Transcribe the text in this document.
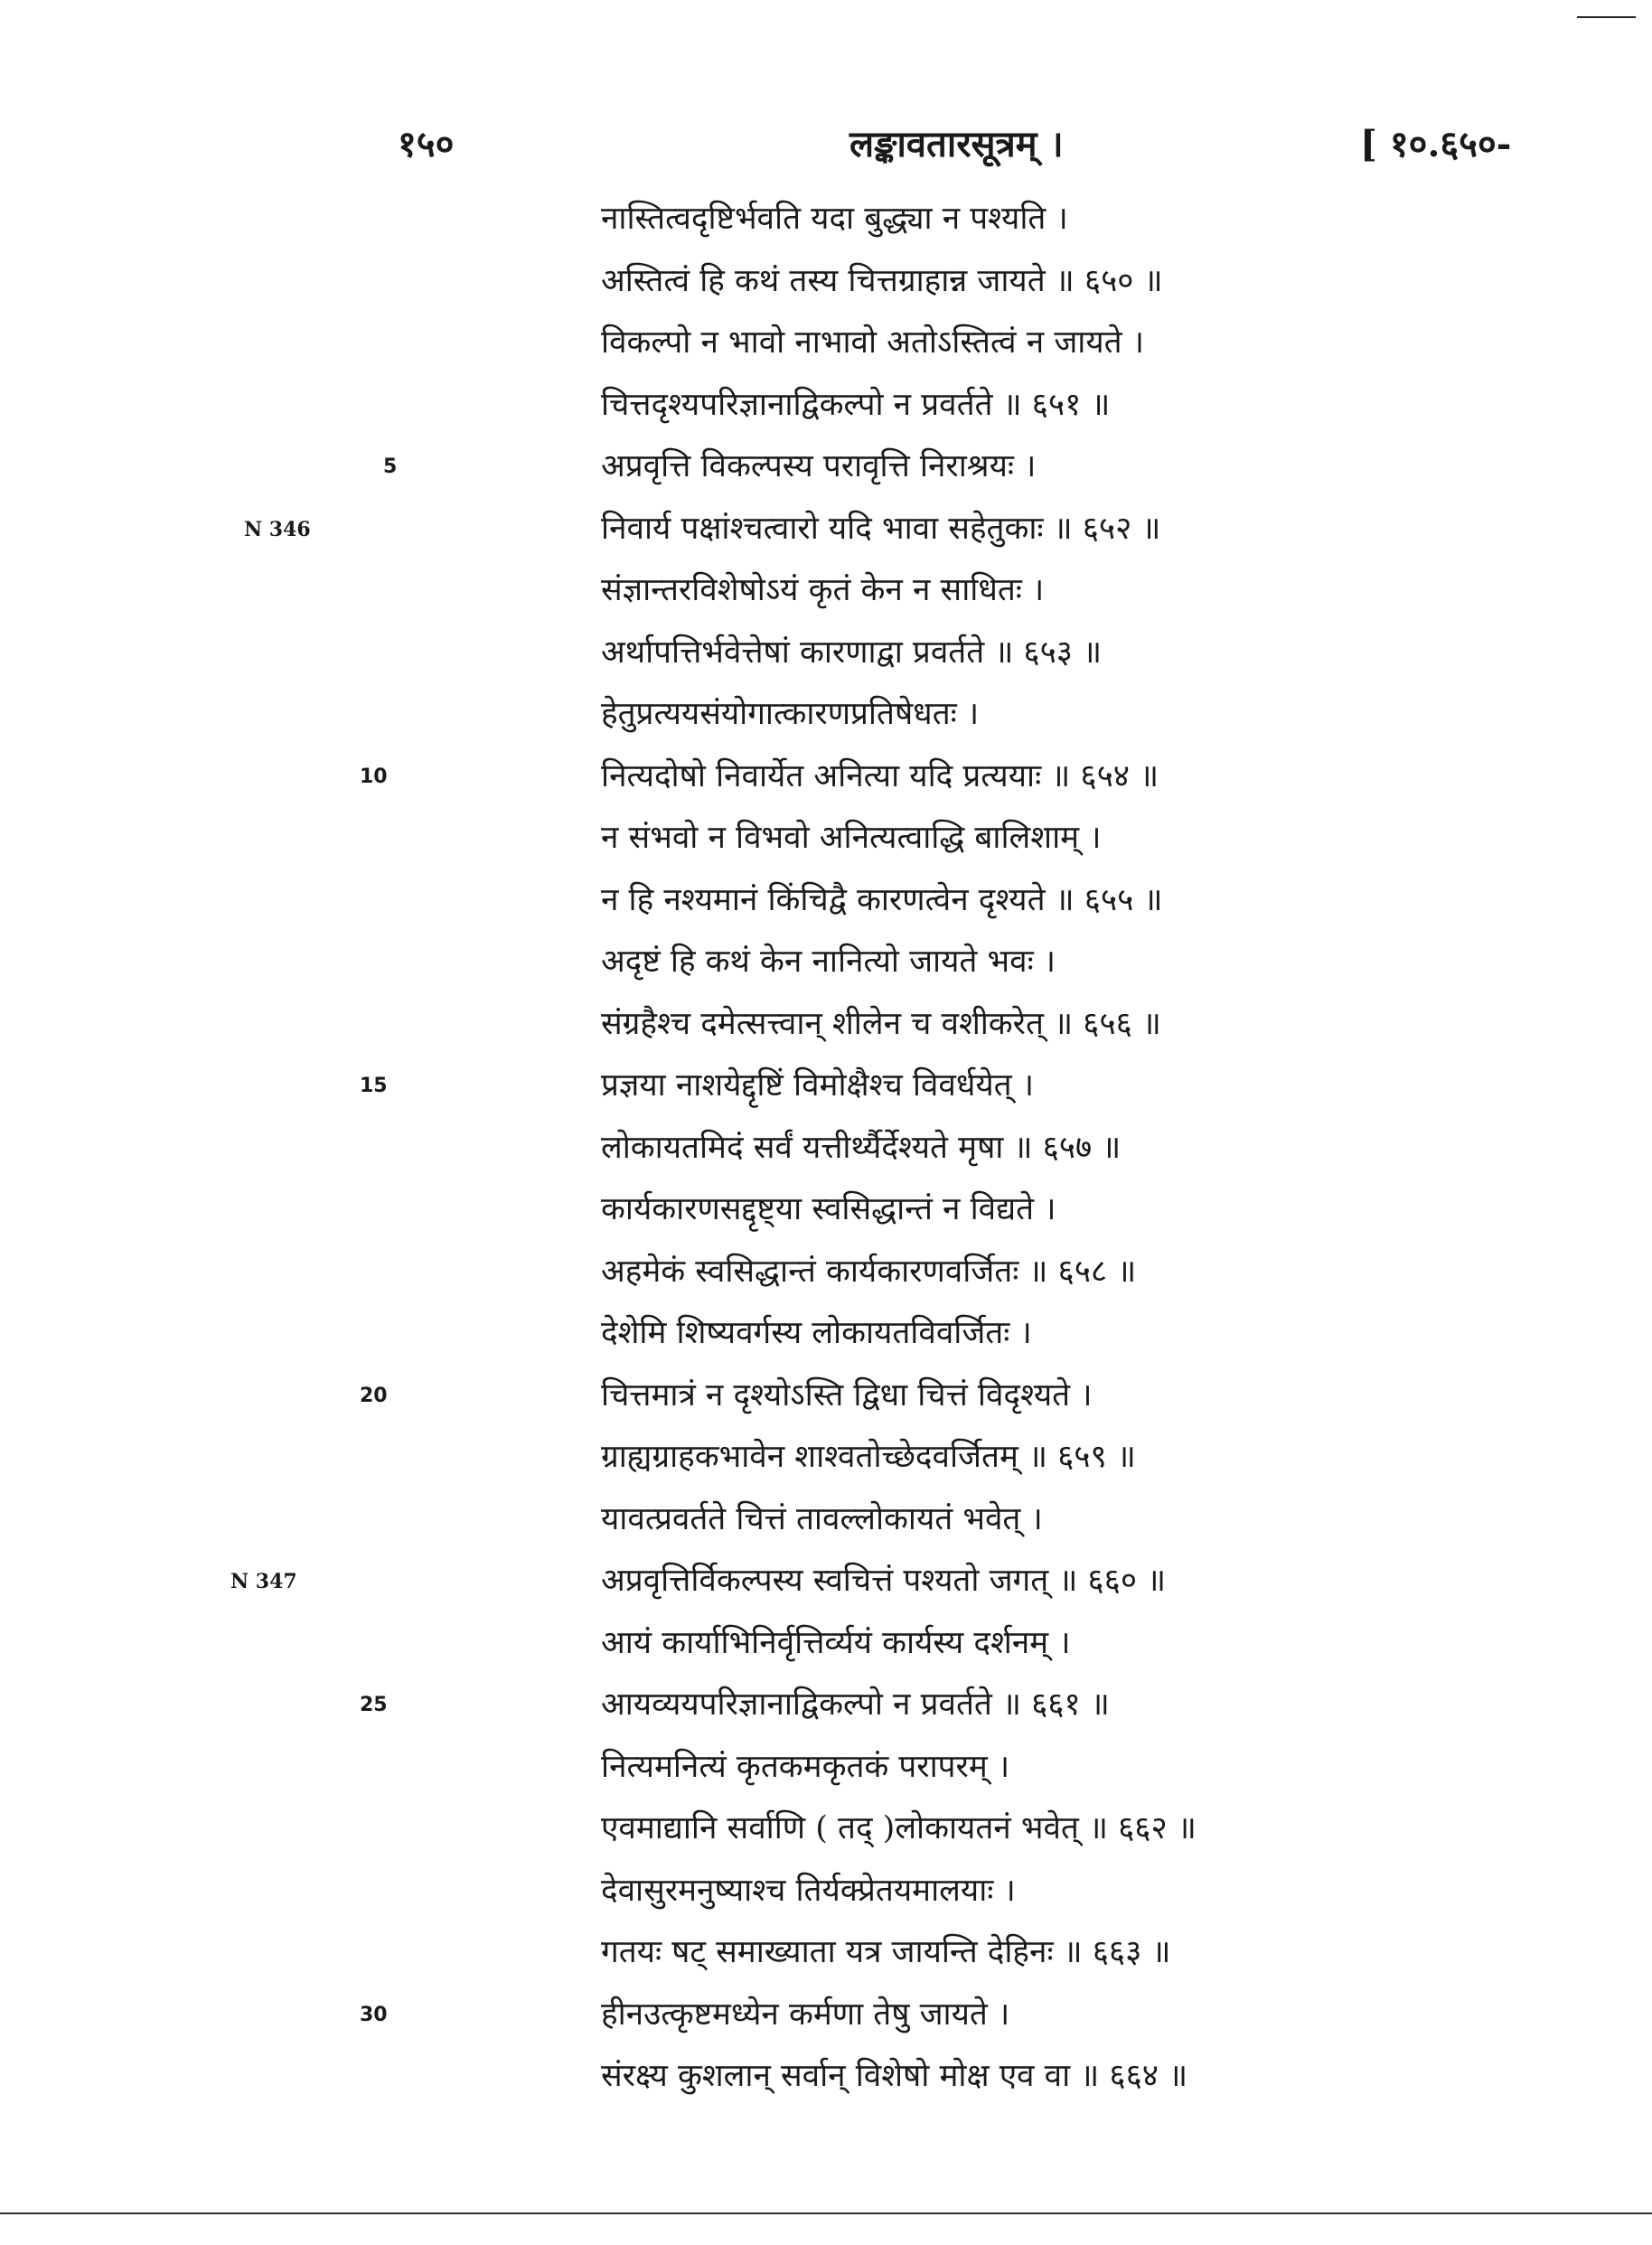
१५०	लङ्कावतारसूत्रम् ।	[ १०.६५०-
5
10
15
20
25
30
N 346
N 347
नास्तित्वदृष्टिर्भवति यदा बुद्ध्या न पश्यति ।
अस्तित्वं हि कथं तस्य चित्तग्राहान्न जायते ॥ ६५० ॥
विकल्पो न भावो नाभावो अतोऽस्तित्वं न जायते ।
चित्तदृश्यपरिज्ञानाद्विकल्पो न प्रवर्तते ॥ ६५१ ॥
अप्रवृत्ति विकल्पस्य परावृत्ति निराश्रयः ।
निवार्य पक्षांश्चत्वारो यदि भावा सहेतुकाः ॥ ६५२ ॥
संज्ञान्तरविशेषोऽयं कृतं केन न साधितः ।
अर्थापत्तिर्भवेत्तेषां कारणाद्वा प्रवर्तते ॥ ६५३ ॥
हेतुप्रत्ययसंयोगात्कारणप्रतिषेधतः ।
नित्यदोषो निवार्येत अनित्या यदि प्रत्ययाः ॥ ६५४ ॥
न संभवो न विभवो अनित्यत्वाद्धि बालिशाम् ।
न हि नश्यमानं किंचिद्वै कारणत्वेन दृश्यते ॥ ६५५ ॥
अदृष्टं हि कथं केन नानित्यो जायते भवः ।
संग्रहैश्च दमेत्सत्त्वान् शीलेन च वशीकरेत् ॥ ६५६ ॥
प्रज्ञया नाशयेद्दृष्टिं विमोक्षैश्च विवर्धयेत् ।
लोकायतमिदं सर्वं यत्तीर्थ्यैर्देश्यते मृषा ॥ ६५७ ॥
कार्यकारणसद्दृष्ट्या स्वसिद्धान्तं न विद्यते ।
अहमेकं स्वसिद्धान्तं कार्यकारणवर्जितः ॥ ६५८ ॥
देशेमि शिष्यवर्गस्य लोकायतविवर्जितः ।
चित्तमात्रं न दृश्योऽस्ति द्विधा चित्तं विदृश्यते ।
ग्राह्यग्राहकभावेन शाश्वतोच्छेदवर्जितम् ॥ ६५९ ॥
यावत्प्रवर्तते चित्तं तावल्लोकायतं भवेत् ।
अप्रवृत्तिर्विकल्पस्य स्वचित्तं पश्यतो जगत् ॥ ६६० ॥
आयं कार्याभिनिर्वृत्तिर्व्ययं कार्यस्य दर्शनम् ।
आयव्ययपरिज्ञानाद्विकल्पो न प्रवर्तते ॥ ६६१ ॥
नित्यमनित्यं कृतकमकृतकं परापरम् ।
एवमाद्यानि सर्वाणि ( तद् )लोकायतनं भवेत् ॥ ६६२ ॥
देवासुरमनुष्याश्च तिर्यक्प्रेतयमालयाः ।
गतयः षट् समाख्याता यत्र जायन्ति देहिनः ॥ ६६३ ॥
हीनउत्कृष्टमध्येन कर्मणा तेषु जायते ।
संरक्ष्य कुशलान् सर्वान् विशेषो मोक्ष एव वा ॥ ६६४ ॥
